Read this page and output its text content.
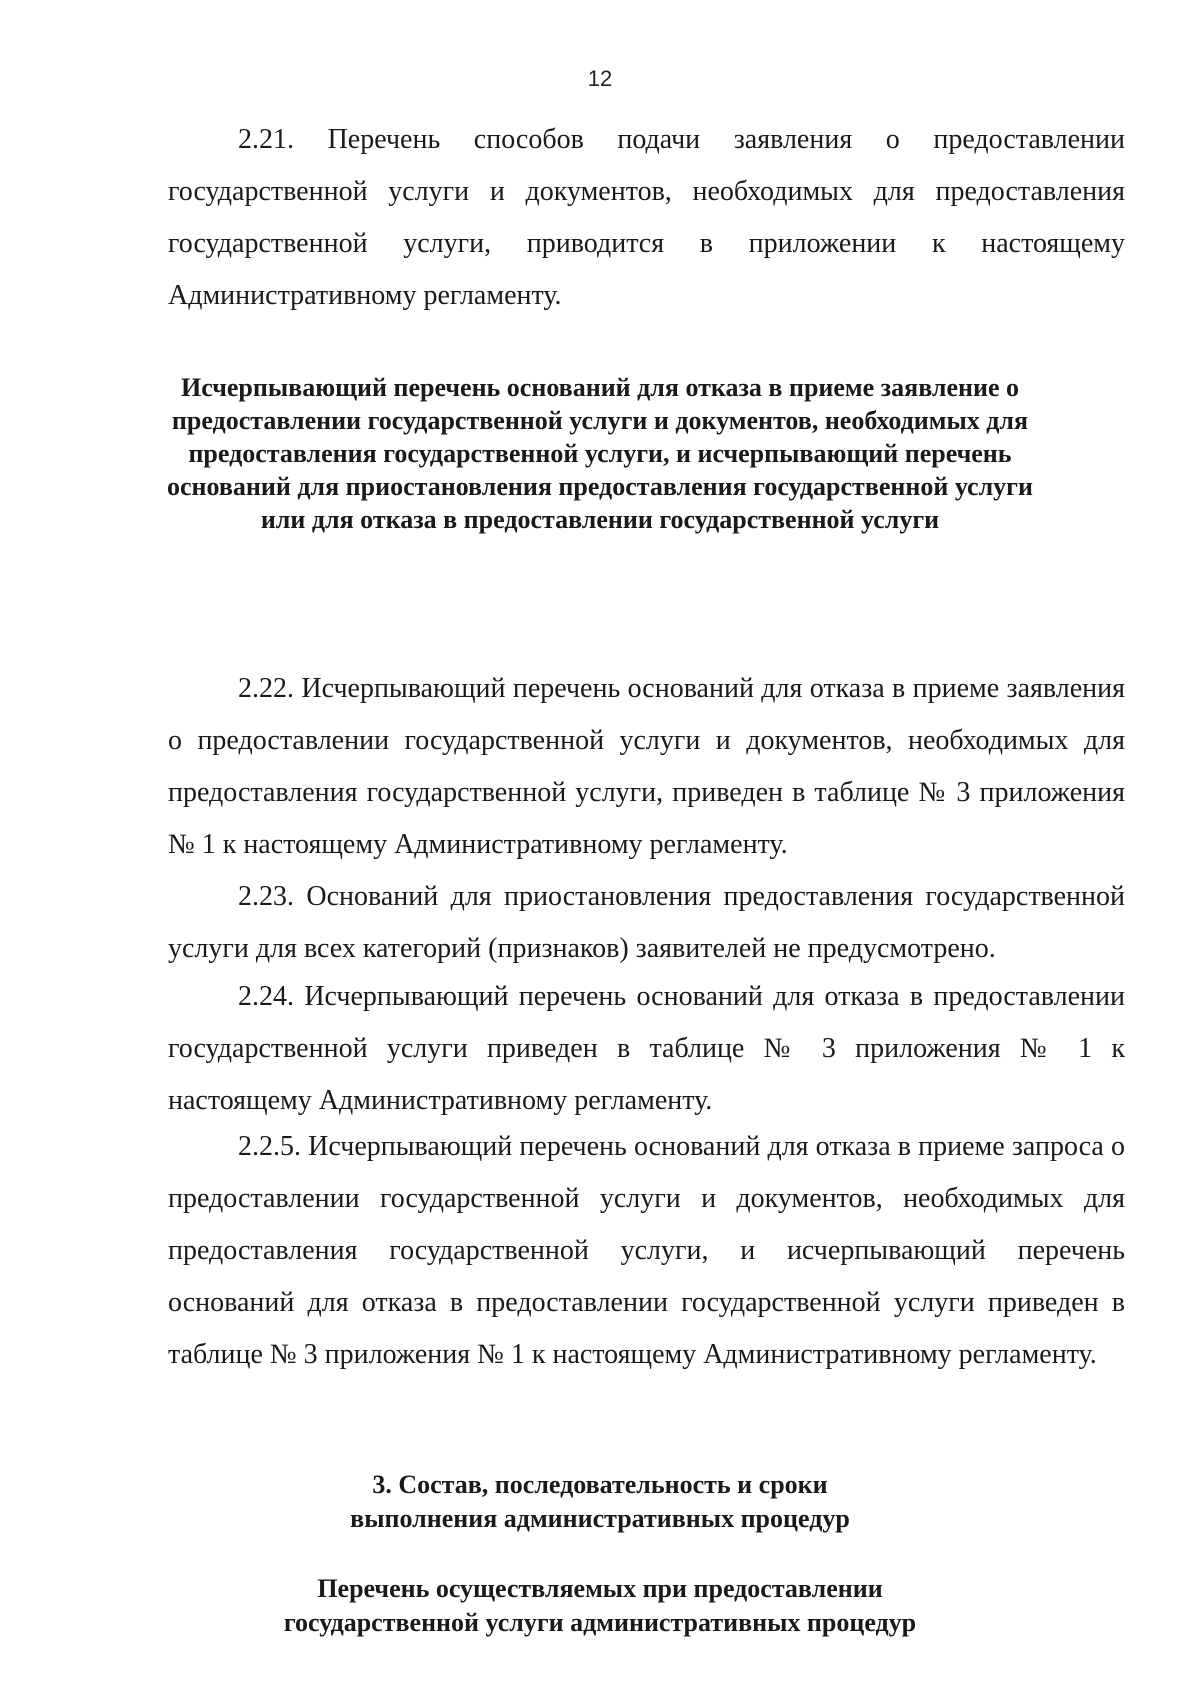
12
2.21. Перечень способов подачи заявления о предоставлении государственной услуги и документов, необходимых для предоставления государственной услуги, приводится в приложении к настоящему Административному регламенту.
Исчерпывающий перечень оснований для отказа в приеме заявление о предоставлении государственной услуги и документов, необходимых для предоставления государственной услуги, и исчерпывающий перечень оснований для приостановления предоставления государственной услуги или для отказа в предоставлении государственной услуги
2.22. Исчерпывающий перечень оснований для отказа в приеме заявления о предоставлении государственной услуги и документов, необходимых для предоставления государственной услуги, приведен в таблице № 3 приложения № 1 к настоящему Административному регламенту.
2.23. Оснований для приостановления предоставления государственной услуги для всех категорий (признаков) заявителей не предусмотрено.
2.24. Исчерпывающий перечень оснований для отказа в предоставлении государственной услуги приведен в таблице № 3 приложения № 1 к настоящему Административному регламенту.
2.2.5. Исчерпывающий перечень оснований для отказа в приеме запроса о предоставлении государственной услуги и документов, необходимых для предоставления государственной услуги, и исчерпывающий перечень оснований для отказа в предоставлении государственной услуги приведен в таблице № 3 приложения № 1 к настоящему Административному регламенту.
3. Состав, последовательность и сроки выполнения административных процедур
Перечень осуществляемых при предоставлении государственной услуги административных процедур
